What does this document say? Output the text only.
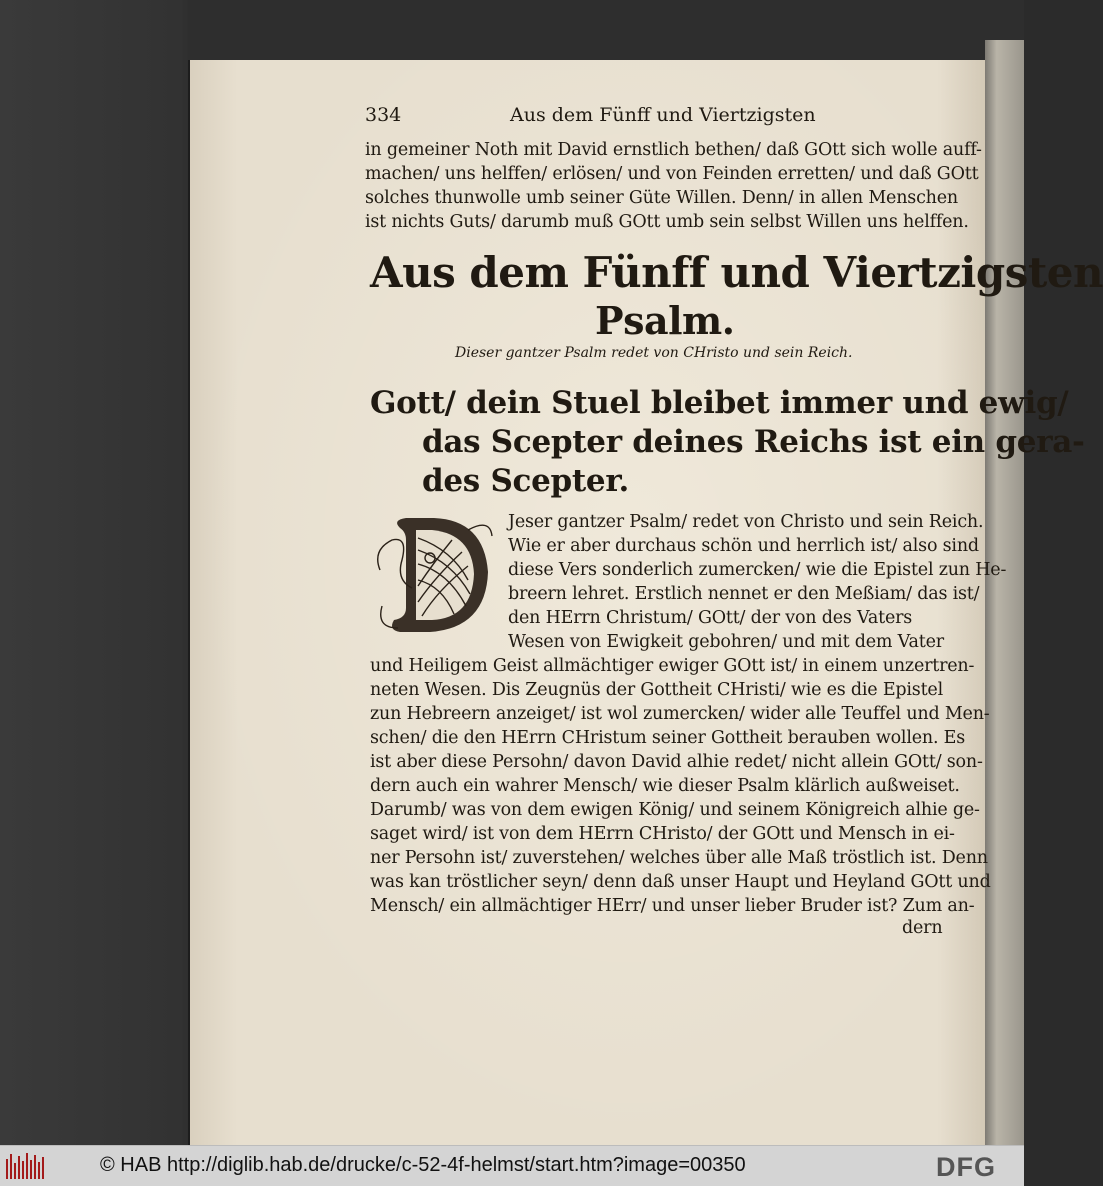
334	Aus dem Fünff und Viertzigsten
in gemeiner Noth mit David ernstlich bethen/ daß GOtt sich wolle auff-
machen/ uns helffen/ erlösen/ und von Feinden erretten/ und daß GOtt
solches thunwolle umb seiner Güte Willen. Denn/ in allen Menschen
ist nichts Guts/ darumb muß GOtt umb sein selbst Willen uns helffen.
Aus dem Fünff und Viertzigsten
Psalm.
Dieser gantzer Psalm redet von CHristo und sein Reich.
Gott/ dein Stuel bleibet immer und ewig/
das Scepter deines Reichs ist ein gera-
des Scepter.
Jeser gantzer Psalm/ redet von Christo und sein Reich.
Wie er aber durchaus schön und herrlich ist/ also sind
diese Vers sonderlich zumercken/ wie die Epistel zun He-
breern lehret. Erstlich nennet er den Meßiam/ das ist/
den HErrn Christum/ GOtt/ der von des Vaters
Wesen von Ewigkeit gebohren/ und mit dem Vater
und Heiligem Geist allmächtiger ewiger GOtt ist/ in einem unzertren-
neten Wesen. Dis Zeugnüs der Gottheit CHristi/ wie es die Epistel
zun Hebreern anzeiget/ ist wol zumercken/ wider alle Teuffel und Men-
schen/ die den HErrn CHristum seiner Gottheit berauben wollen. Es
ist aber diese Persohn/ davon David alhie redet/ nicht allein GOtt/ son-
dern auch ein wahrer Mensch/ wie dieser Psalm klärlich außweiset.
Darumb/ was von dem ewigen König/ und seinem Königreich alhie ge-
saget wird/ ist von dem HErrn CHristo/ der GOtt und Mensch in ei-
ner Persohn ist/ zuverstehen/ welches über alle Maß tröstlich ist. Denn
was kan tröstlicher seyn/ denn daß unser Haupt und Heyland GOtt und
Mensch/ ein allmächtiger HErr/ und unser lieber Bruder ist? Zum an-
dern
© HAB http://diglib.hab.de/drucke/c-52-4f-helmst/start.htm?image=00350	DFG
